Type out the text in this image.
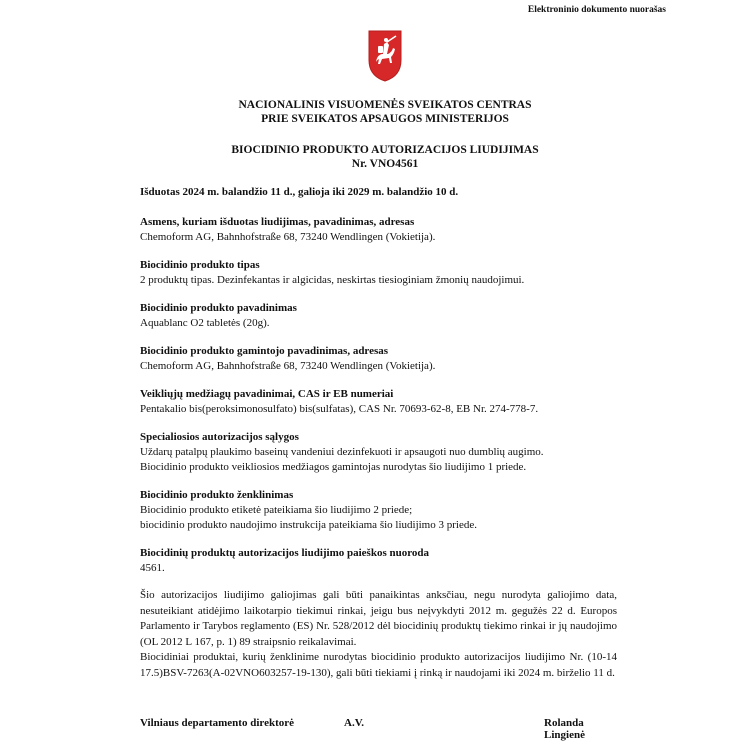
Elektroninio dokumento nuorašas
NACIONALINIS VISUOMENĖS SVEIKATOS CENTRAS
PRIE SVEIKATOS APSAUGOS MINISTERIJOS
BIOCIDINIO PRODUKTO AUTORIZACIJOS LIUDIJIMAS
Nr. VNO4561
Išduotas 2024 m. balandžio 11 d., galioja iki 2029 m. balandžio 10 d.
Asmens, kuriam išduotas liudijimas, pavadinimas, adresas
Chemoform AG, Bahnhofstraße 68, 73240 Wendlingen (Vokietija).
Biocidinio produkto tipas
2 produktų tipas. Dezinfekantas ir algicidas, neskirtas tiesioginiam žmonių naudojimui.
Biocidinio produkto pavadinimas
Aquablanc O2 tabletės (20g).
Biocidinio produkto gamintojo pavadinimas, adresas
Chemoform AG, Bahnhofstraße 68, 73240 Wendlingen (Vokietija).
Veikliųjų medžiagų pavadinimai, CAS ir EB numeriai
Pentakalio bis(peroksimonosulfato) bis(sulfatas), CAS Nr. 70693-62-8, EB Nr. 274-778-7.
Specialiosios autorizacijos sąlygos
Uždarų patalpų plaukimo baseinų vandeniui dezinfekuoti ir apsaugoti nuo dumblių augimo.
Biocidinio produkto veikliosios medžiagos gamintojas nurodytas šio liudijimo 1 priede.
Biocidinio produkto ženklinimas
Biocidinio produkto etiketė pateikiama šio liudijimo 2 priede;
biocidinio produkto naudojimo instrukcija pateikiama šio liudijimo 3 priede.
Biocidinių produktų autorizacijos liudijimo paieškos nuoroda
4561.
Šio autorizacijos liudijimo galiojimas gali būti panaikintas anksčiau, negu nurodyta galiojimo data, nesuteikiant atidėjimo laikotarpio tiekimui rinkai, jeigu bus neįvykdyti 2012 m. gegužės 22 d. Europos Parlamento ir Tarybos reglamento (ES) Nr. 528/2012 dėl biocidinių produktų tiekimo rinkai ir jų naudojimo (OL 2012 L 167, p. 1) 89 straipsnio reikalavimai.
Biocidiniai produktai, kurių ženklinime nurodytas biocidinio produkto autorizacijos liudijimo Nr. (10-14 17.5)BSV-7263(A-02VNO603257-19-130), gali būti tiekiami į rinką ir naudojami iki 2024 m. birželio 11 d.
Vilniaus departamento direktorė	A.V.	Rolanda Lingienė
